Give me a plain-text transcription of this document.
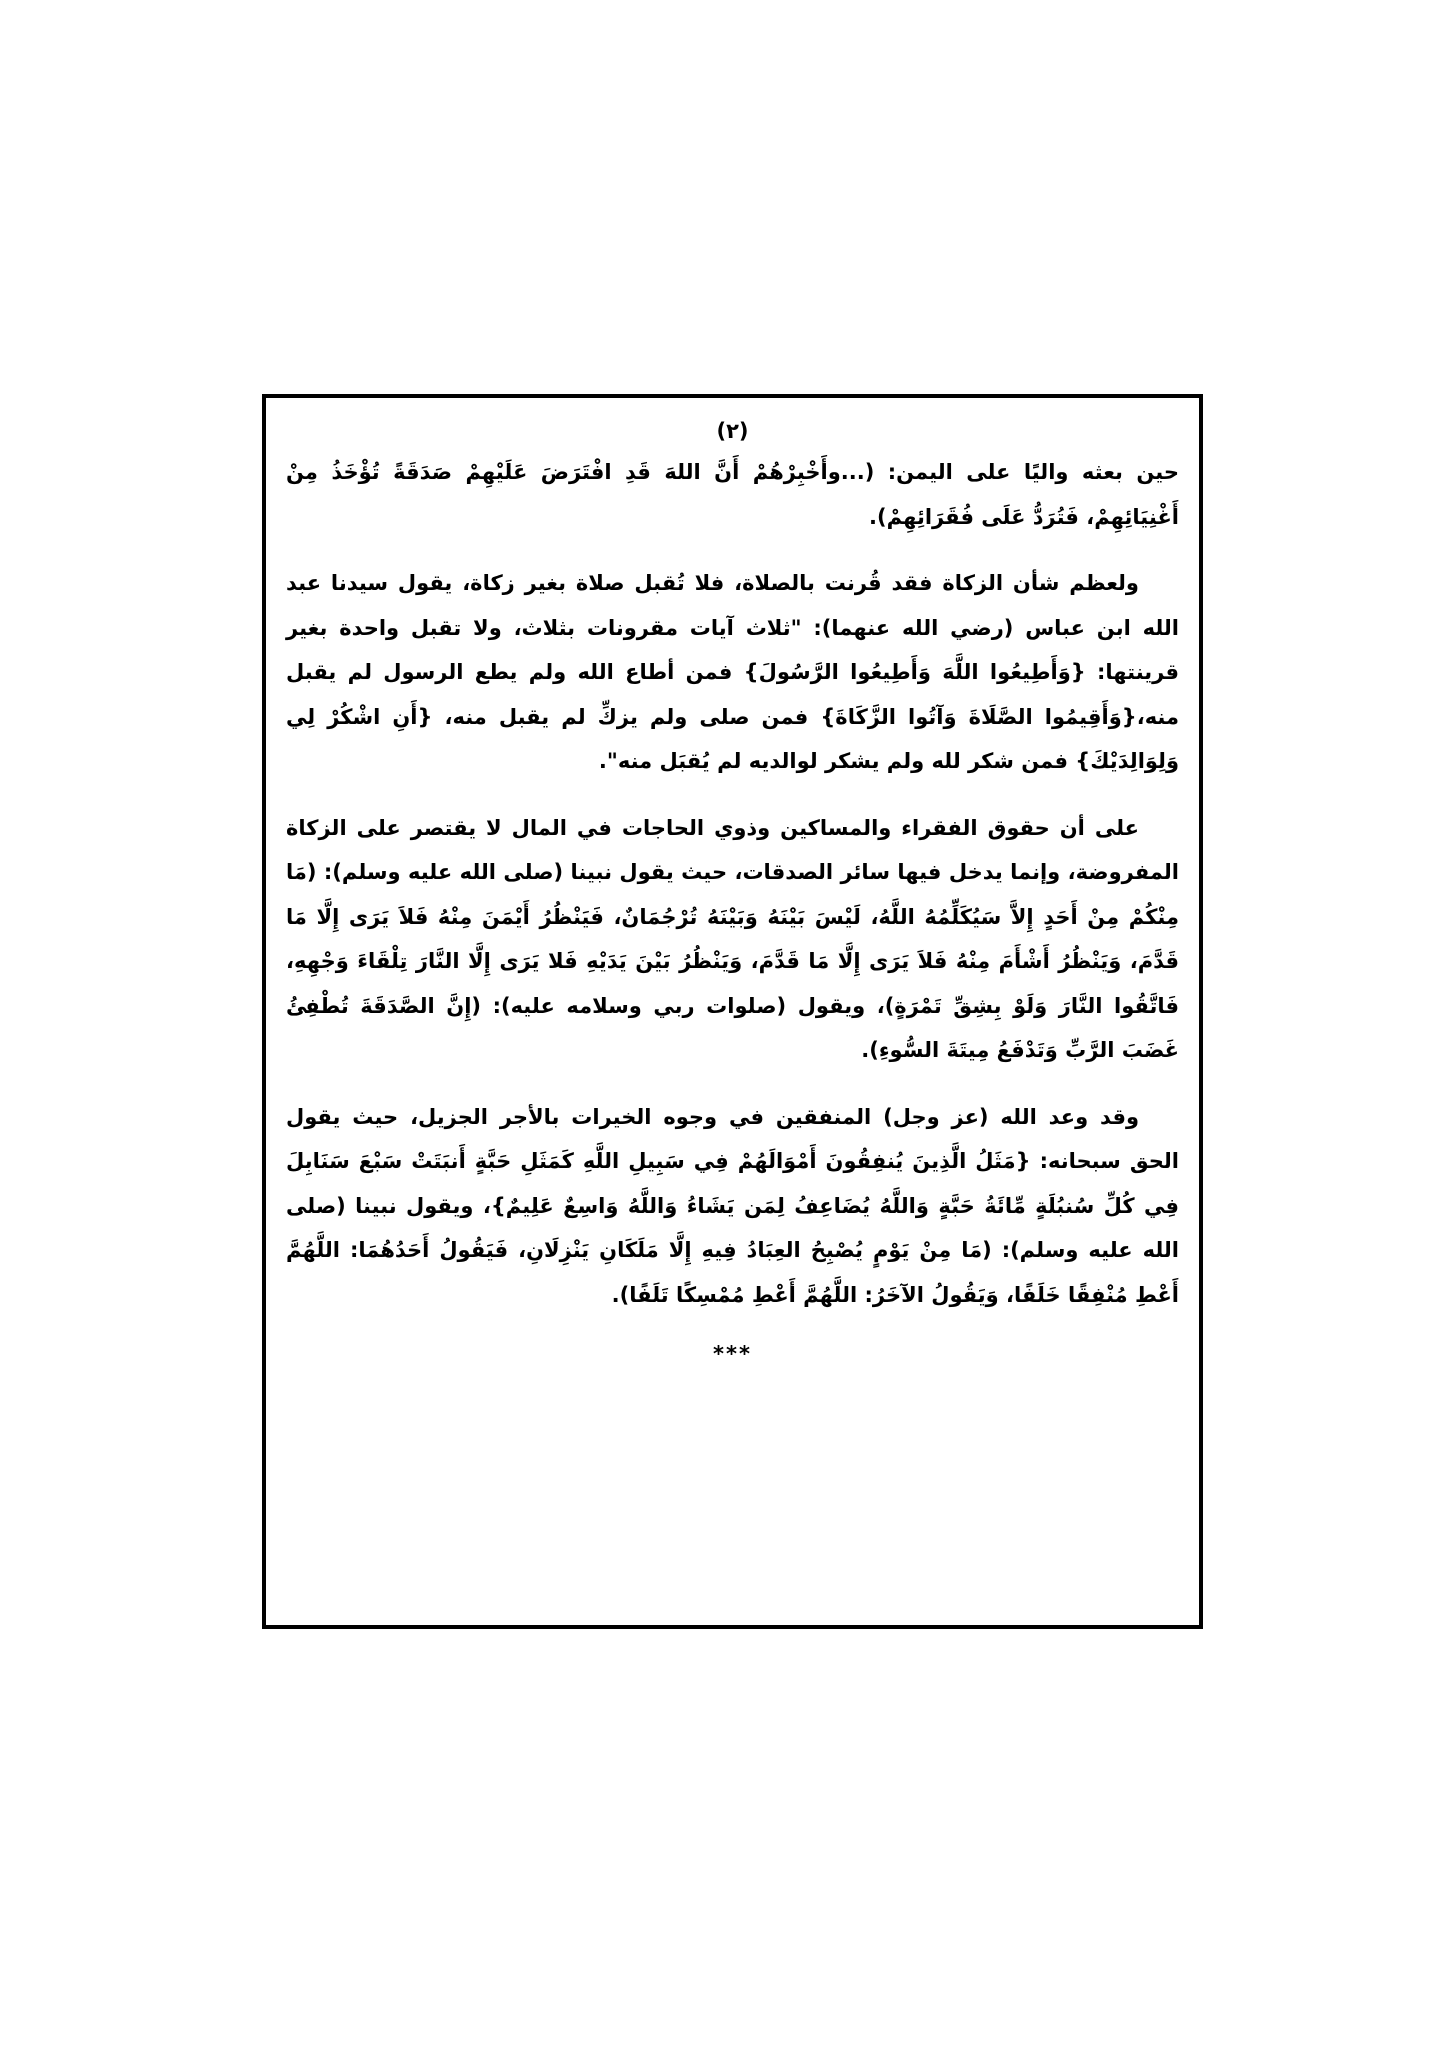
(٢)

حين بعثه واليًا على اليمن: (...وأَخْبِرْهُمْ أَنَّ اللهَ قَدِ افْتَرَضَ عَلَيْهِمْ صَدَقَةً تُؤْخَذُ مِنْ أَغْنِيَائِهِمْ، فَتُرَدُّ عَلَى فُقَرَائِهِمْ).

ولعظم شأن الزكاة فقد قُرنت بالصلاة، فلا تُقبل صلاة بغير زكاة، يقول سيدنا عبد الله ابن عباس (رضي الله عنهما): "ثلاث آيات مقرونات بثلاث، ولا تقبل واحدة بغير قرينتها: {وَأَطِيعُوا اللَّهَ وَأَطِيعُوا الرَّسُولَ} فمن أطاع الله ولم يطع الرسول لم يقبل منه،{وَأَقِيمُوا الصَّلَاةَ وَآتُوا الزَّكَاةَ} فمن صلى ولم يزكِّ لم يقبل منه، {أَنِ اشْكُرْ لِي وَلِوَالِدَيْكَ} فمن شكر لله ولم يشكر لوالديه لم يُقبَل منه".

على أن حقوق الفقراء والمساكين وذوي الحاجات في المال لا يقتصر على الزكاة المفروضة، وإنما يدخل فيها سائر الصدقات، حيث يقول نبينا (صلى الله عليه وسلم): (مَا مِنْكُمْ مِنْ أَحَدٍ إِلاَّ سَيُكَلِّمُهُ اللَّهُ، لَيْسَ بَيْنَهُ وَبَيْنَهُ تُرْجُمَانٌ، فَيَنْظُرُ أَيْمَنَ مِنْهُ فَلاَ يَرَى إِلَّا مَا قَدَّمَ، وَيَنْظُرُ أَشْأَمَ مِنْهُ فَلاَ يَرَى إِلَّا مَا قَدَّمَ، وَيَنْظُرُ بَيْنَ يَدَيْهِ فَلا يَرَى إِلَّا النَّارَ تِلْقَاءَ وَجْهِهِ، فَاتَّقُوا النَّارَ وَلَوْ بِشِقِّ تَمْرَةٍ)، ويقول (صلوات ربي وسلامه عليه): (إِنَّ الصَّدَقَةَ تُطْفِئُ غَضَبَ الرَّبِّ وَتَدْفَعُ مِيتَةَ السُّوءِ).

وقد وعد الله (عز وجل) المنفقين في وجوه الخيرات بالأجر الجزيل، حيث يقول الحق سبحانه: {مَثَلُ الَّذِينَ يُنفِقُونَ أَمْوَالَهُمْ فِي سَبِيلِ اللَّهِ كَمَثَلِ حَبَّةٍ أَنبَتَتْ سَبْعَ سَنَابِلَ فِي كُلِّ سُنبُلَةٍ مِّائَةُ حَبَّةٍ وَاللَّهُ يُضَاعِفُ لِمَن يَشَاءُ وَاللَّهُ وَاسِعٌ عَلِيمٌ}، ويقول نبينا (صلى الله عليه وسلم): (مَا مِنْ يَوْمٍ يُصْبِحُ العِبَادُ فِيهِ إِلَّا مَلَكَانِ يَنْزِلَانِ، فَيَقُولُ أَحَدُهُمَا: اللَّهُمَّ أَعْطِ مُنْفِقًا خَلَفًا، وَيَقُولُ الآخَرُ: اللَّهُمَّ أَعْطِ مُمْسِكًا تَلَفًا).

***
